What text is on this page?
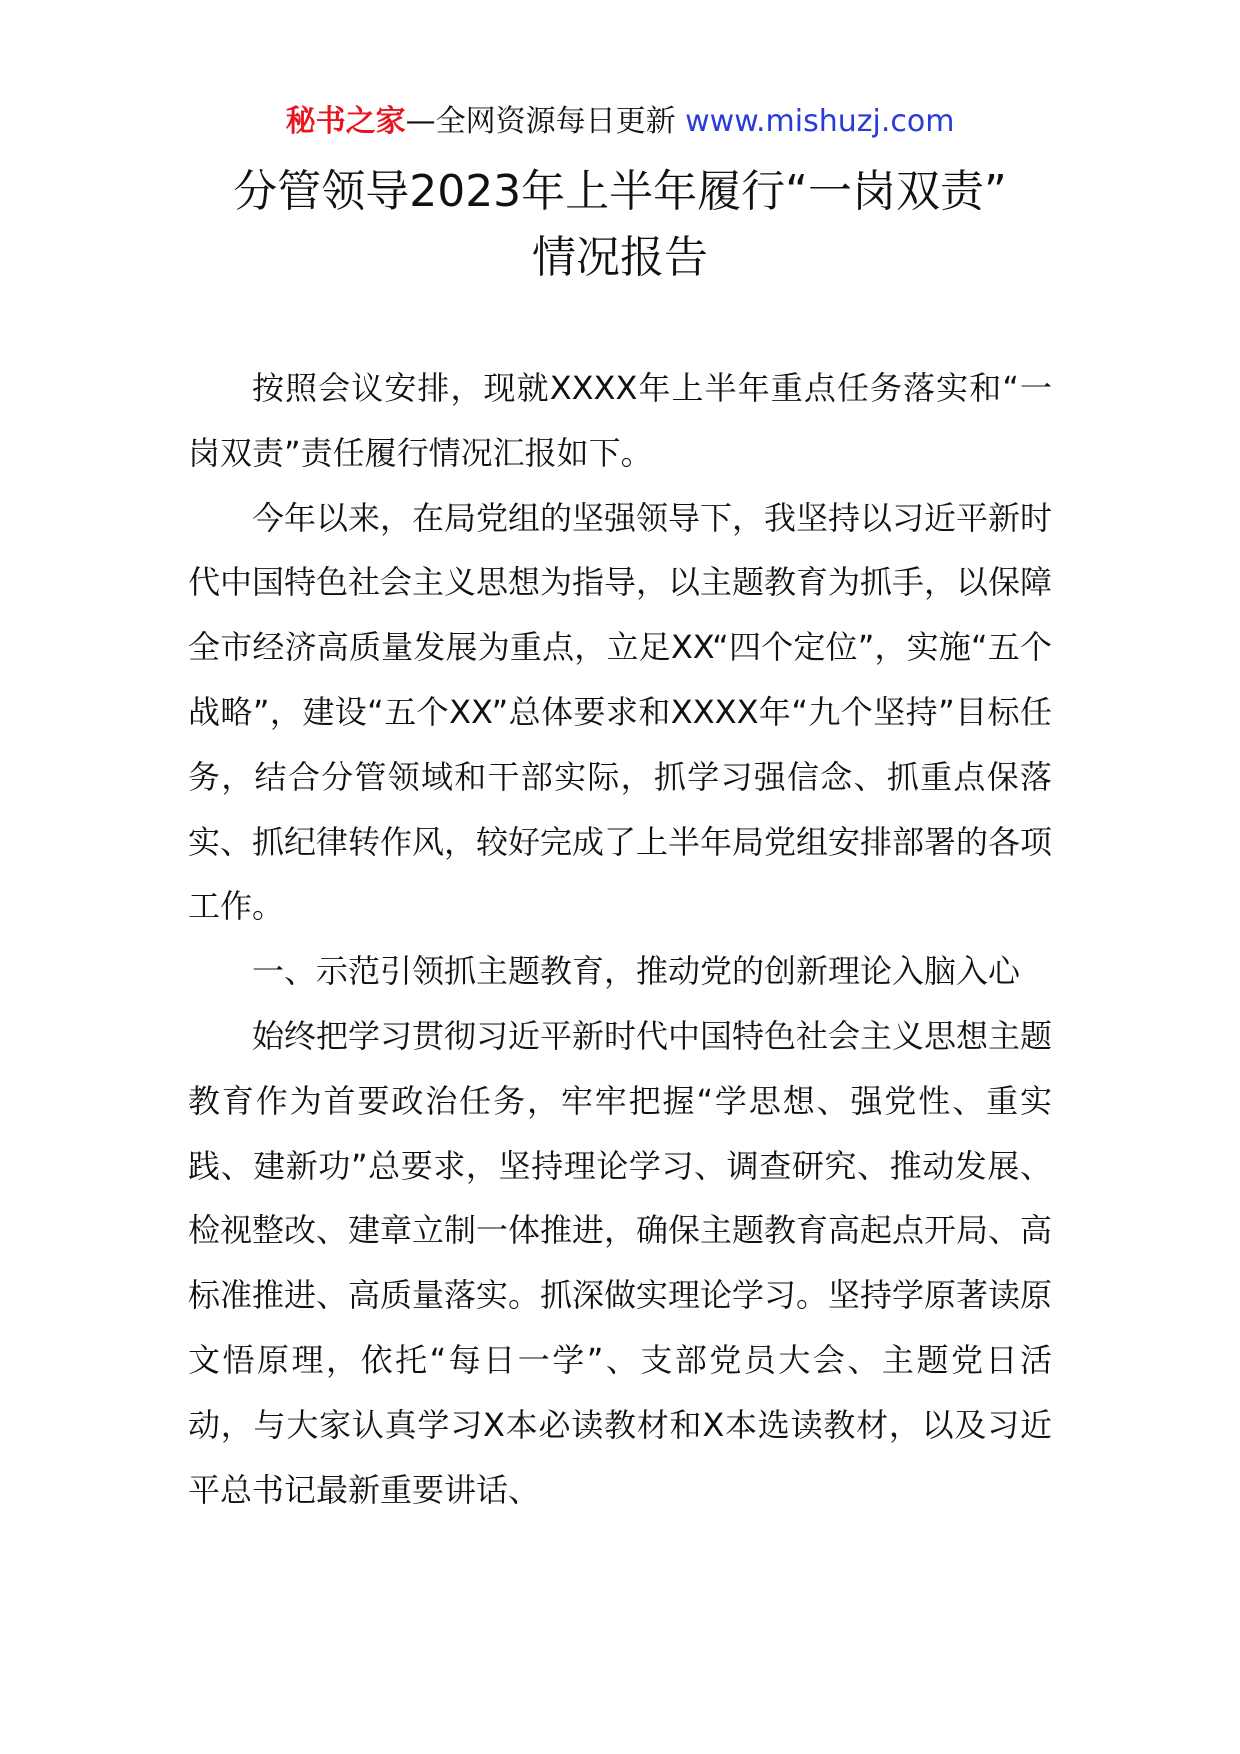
秘书之家—全网资源每日更新 www.mishuzj.com
分管领导2023年上半年履行“一岗双责”
情况报告

按照会议安排，现就XXXX年上半年重点任务落实和“一岗双责”责任履行情况汇报如下。

今年以来，在局党组的坚强领导下，我坚持以习近平新时代中国特色社会主义思想为指导，以主题教育为抓手，以保障全市经济高质量发展为重点，立足XX“四个定位”，实施“五个战略”，建设“五个XX”总体要求和XXXX年“九个坚持”目标任务，结合分管领域和干部实际，抓学习强信念、抓重点保落实、抓纪律转作风，较好完成了上半年局党组安排部署的各项工作。

一、示范引领抓主题教育，推动党的创新理论入脑入心

始终把学习贯彻习近平新时代中国特色社会主义思想主题教育作为首要政治任务，牢牢把握“学思想、强党性、重实践、建新功”总要求，坚持理论学习、调查研究、推动发展、检视整改、建章立制一体推进，确保主题教育高起点开局、高标准推进、高质量落实。抓深做实理论学习。坚持学原著读原文悟原理，依托“每日一学”、支部党员大会、主题党日活动，与大家认真学习X本必读教材和X本选读教材，以及习近平总书记最新重要讲话、
